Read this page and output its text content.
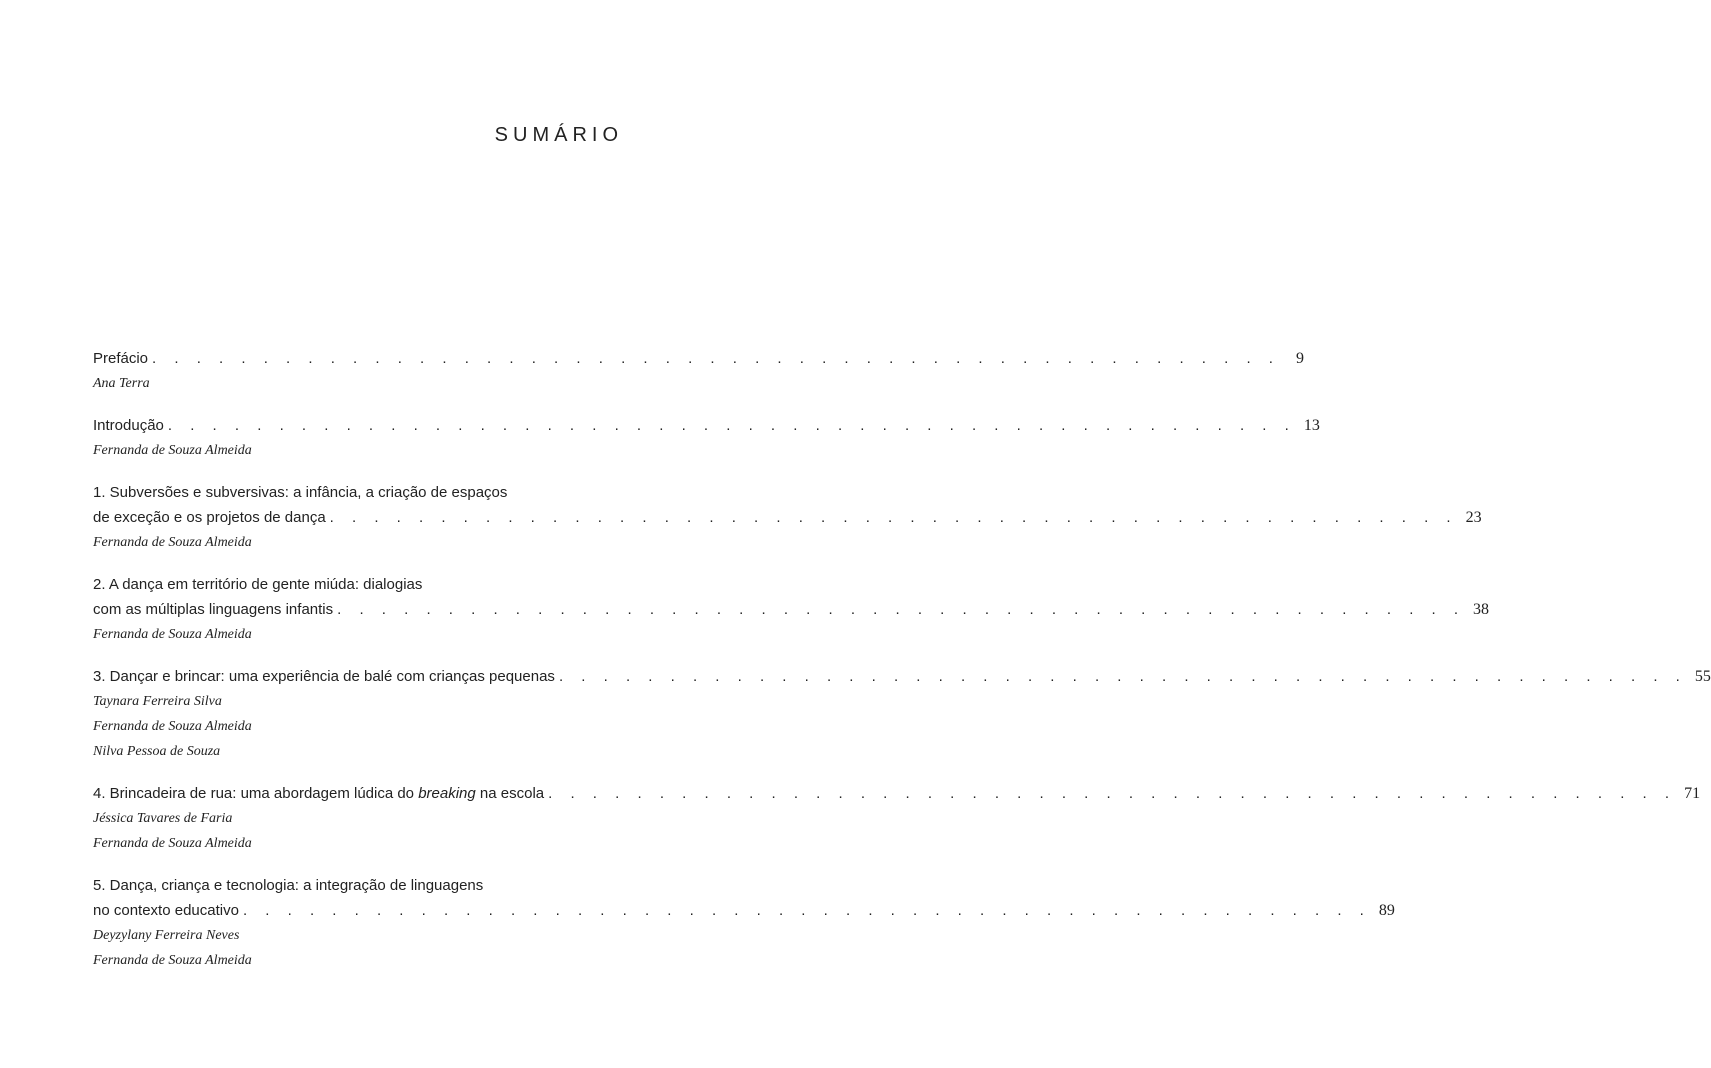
SUMÁRIO
Prefácio . . . . . . . . . . . . . . . . . . . . . . . . . . . . . . . . . . . . . . . . . . . . . . . . . . .	9
Ana Terra
Introdução . . . . . . . . . . . . . . . . . . . . . . . . . . . . . . . . . . . . . . . . . . . . . . . . . . . 13
Fernanda de Souza Almeida
1. Subversões e subversivas: a infância, a criação de espaços
de exceção e os projetos de dança . . . . . . . . . . . . . . . . . . . . . . . . . . . . . . . . . . . . . . . . . . . . . . . . . . . 23
Fernanda de Souza Almeida
2. A dança em território de gente miúda: dialogias
com as múltiplas linguagens infantis . . . . . . . . . . . . . . . . . . . . . . . . . . . . . . . . . . . . . . . . . . . . . . . . . . . 38
Fernanda de Souza Almeida
3. Dançar e brincar: uma experiência de balé com crianças pequenas . . . . . . . . . . . . . . . . . . . . . . . . . . . . . . . . . . . . . . . . . . . . . . . . . . . 55
Taynara Ferreira Silva
Fernanda de Souza Almeida
Nilva Pessoa de Souza
4. Brincadeira de rua: uma abordagem lúdica do breaking na escola . . . . . . . . . . . . . . . . . . . . . . . . . . . . . . . . . . . . . . . . . . . . . . . . . . . 71
Jéssica Tavares de Faria
Fernanda de Souza Almeida
5. Dança, criança e tecnologia: a integração de linguagens
no contexto educativo . . . . . . . . . . . . . . . . . . . . . . . . . . . . . . . . . . . . . . . . . . . . . . . . . . . 89
Deyzylany Ferreira Neves
Fernanda de Souza Almeida
